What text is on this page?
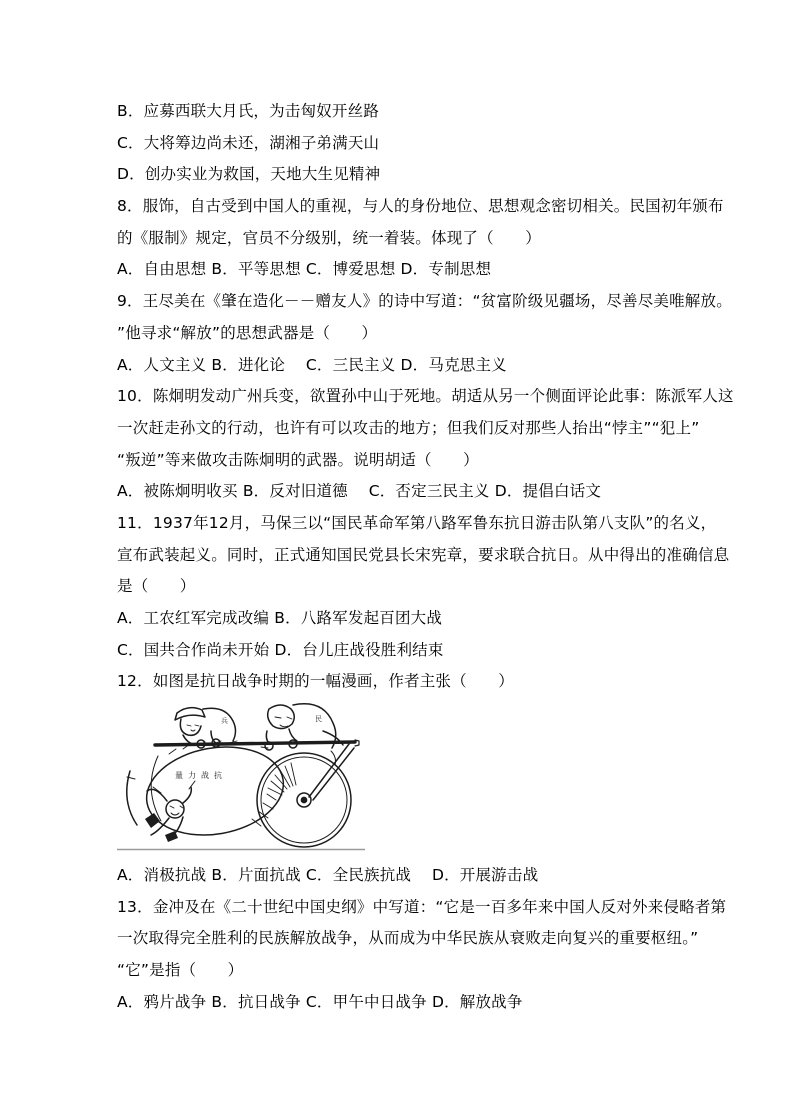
B．应募西联大月氏，为击匈奴开丝路
C．大将筹边尚未还，湖湘子弟满天山
D．创办实业为救国，天地大生见精神
8．服饰，自古受到中国人的重视，与人的身份地位、思想观念密切相关。民国初年颁布
的《服制》规定，官员不分级别，统一着装。体现了（　　）
A．自由思想 B．平等思想 C．博爱思想 D．专制思想
9．王尽美在《肇在造化－－赠友人》的诗中写道：“贫富阶级见疆场，尽善尽美唯解放。
”他寻求“解放”的思想武器是（　　）
A．人文主义 B．进化论　 C．三民主义 D．马克思主义
10．陈炯明发动广州兵变，欲置孙中山于死地。胡适从另一个侧面评论此事：陈派军人这
一次赶走孙文的行动，也许有可以攻击的地方；但我们反对那些人抬出“悖主”“犯上”
“叛逆”等来做攻击陈炯明的武器。说明胡适（　　）
A．被陈炯明收买 B．反对旧道德　 C．否定三民主义 D．提倡白话文
11．1937年12月，马保三以“国民革命军第八路军鲁东抗日游击队第八支队”的名义，
宣布武装起义。同时，正式通知国民党县长宋宪章，要求联合抗日。从中得出的准确信息
是（　　）
A．工农红军完成改编 B．八路军发起百团大战
C．国共合作尚未开始 D．台儿庄战役胜利结束
12．如图是抗日战争时期的一幅漫画，作者主张（　　）
量力战抗
兵	民
A．消极抗战 B．片面抗战 C．全民族抗战　 D．开展游击战
13．金冲及在《二十世纪中国史纲》中写道：“它是一百多年来中国人反对外来侵略者第
一次取得完全胜利的民族解放战争，从而成为中华民族从衰败走向复兴的重要枢纽。”
“它”是指（　　）
A．鸦片战争 B．抗日战争 C．甲午中日战争 D．解放战争
